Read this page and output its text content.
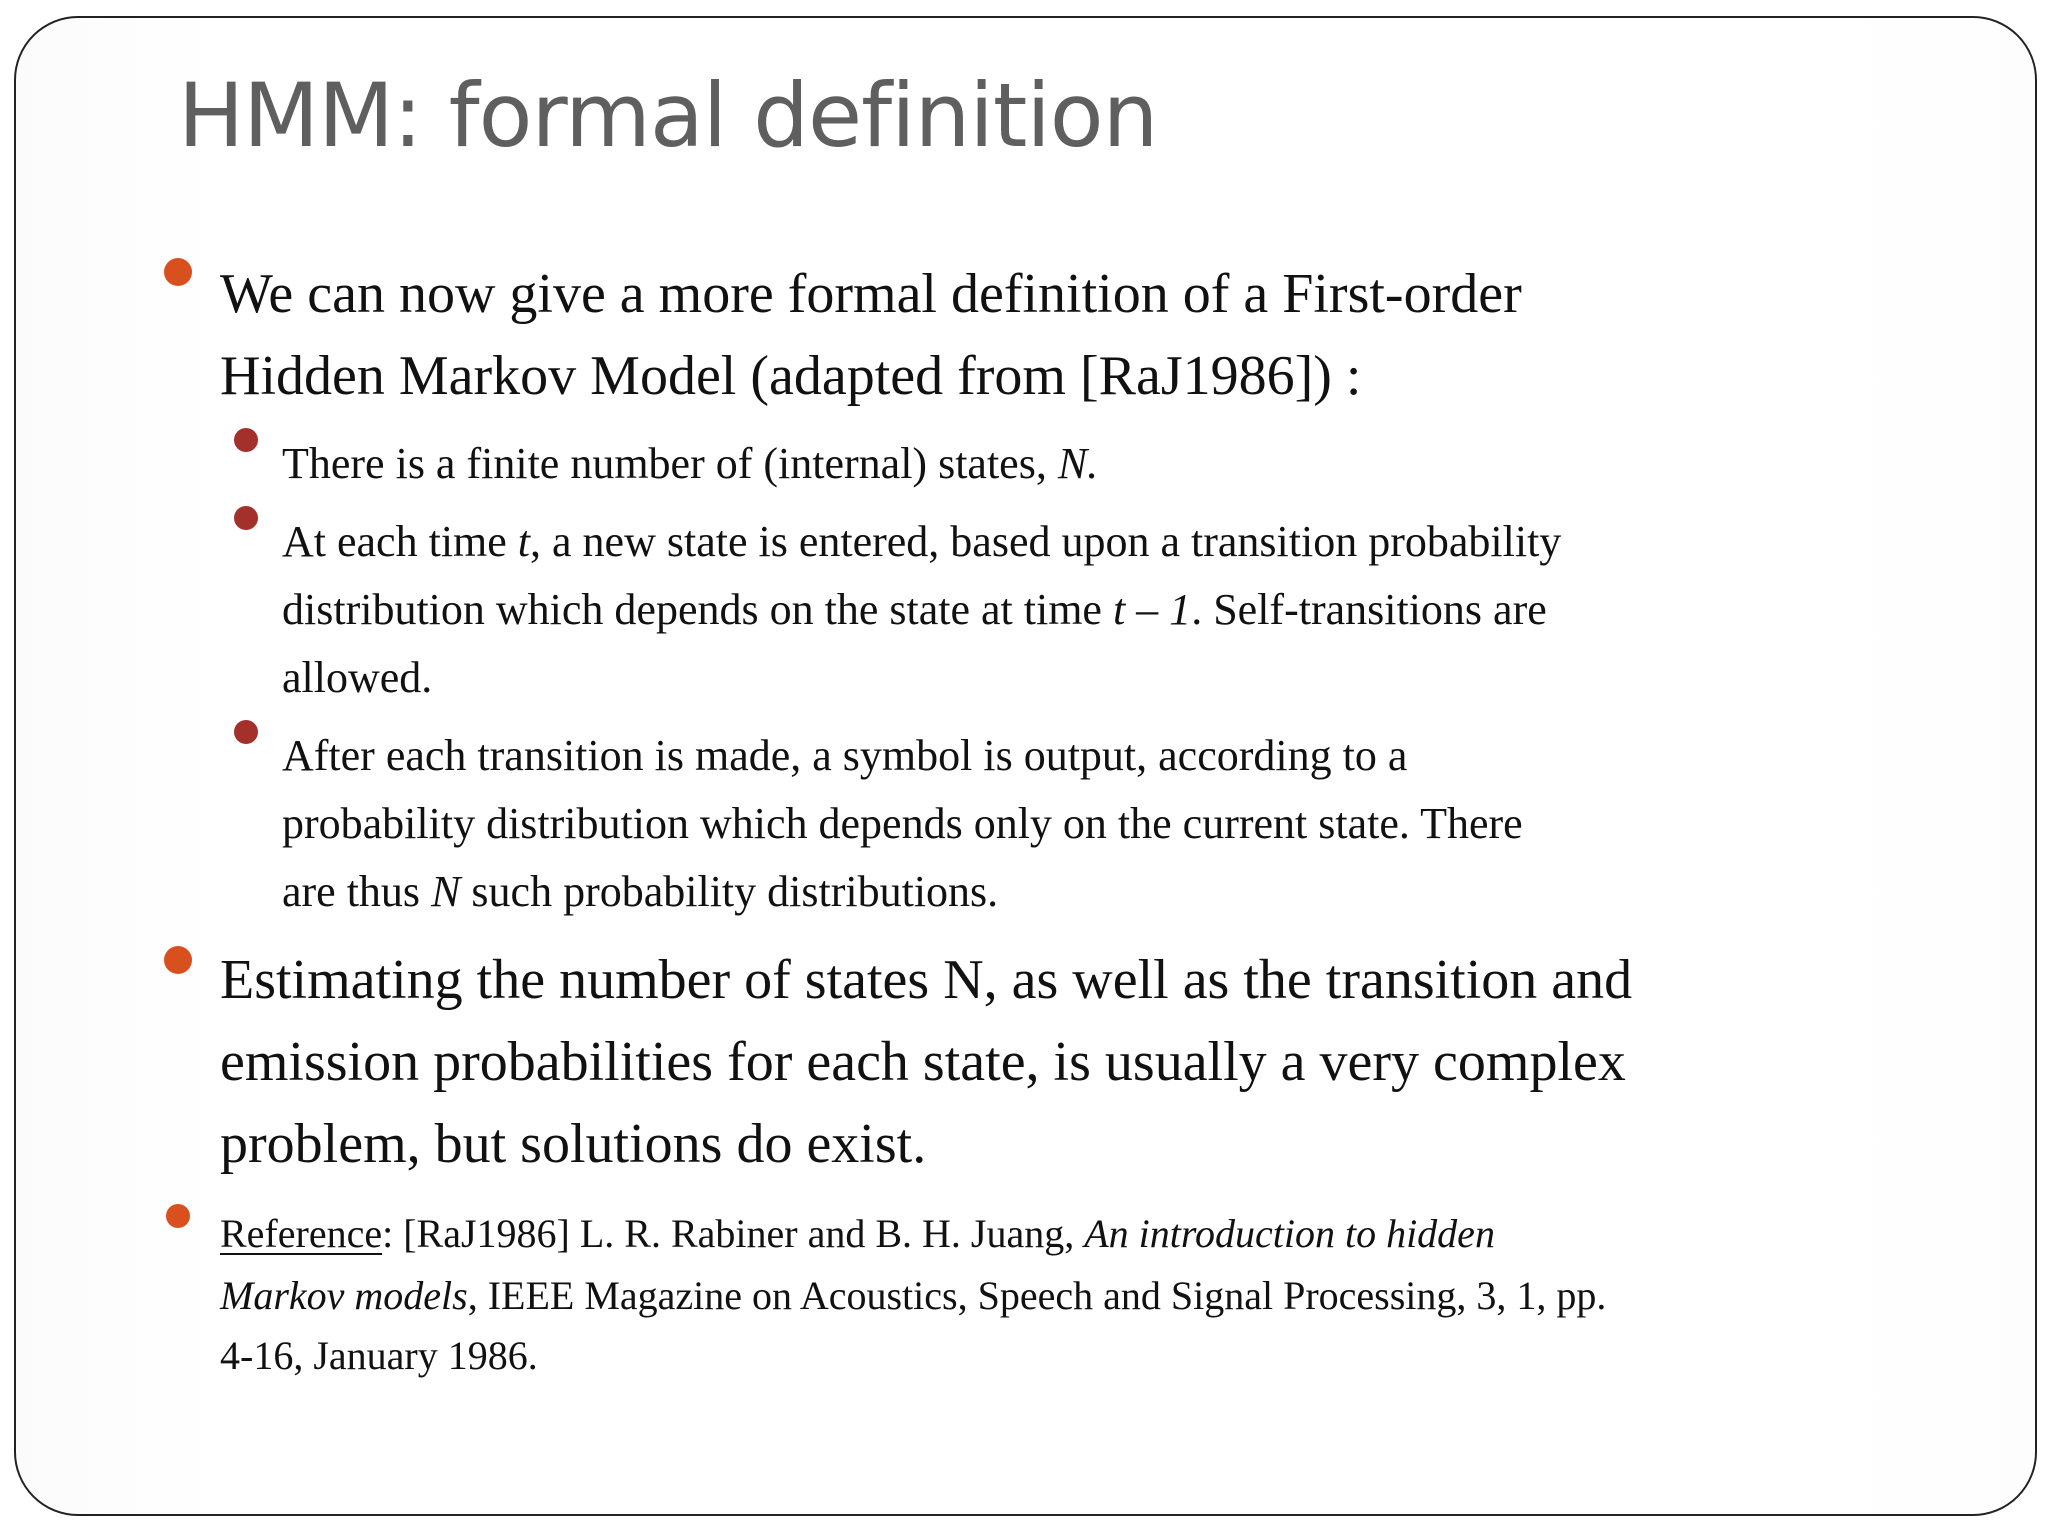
HMM: formal definition
We can now give a more formal definition of a First-order
Hidden Markov Model (adapted from [RaJ1986]) :
There is a finite number of (internal) states, N.
At each time t, a new state is entered, based upon a transition probability
distribution which depends on the state at time t – 1. Self-transitions are
allowed.
After each transition is made, a symbol is output, according to a
probability distribution which depends only on the current state. There
are thus N such probability distributions.
Estimating the number of states N, as well as the transition and
emission probabilities for each state, is usually a very complex
problem, but solutions do exist.
Reference: [RaJ1986] L. R. Rabiner and B. H. Juang, An introduction to hidden
Markov models, IEEE Magazine on Acoustics, Speech and Signal Processing, 3, 1, pp.
4-16, January 1986.
